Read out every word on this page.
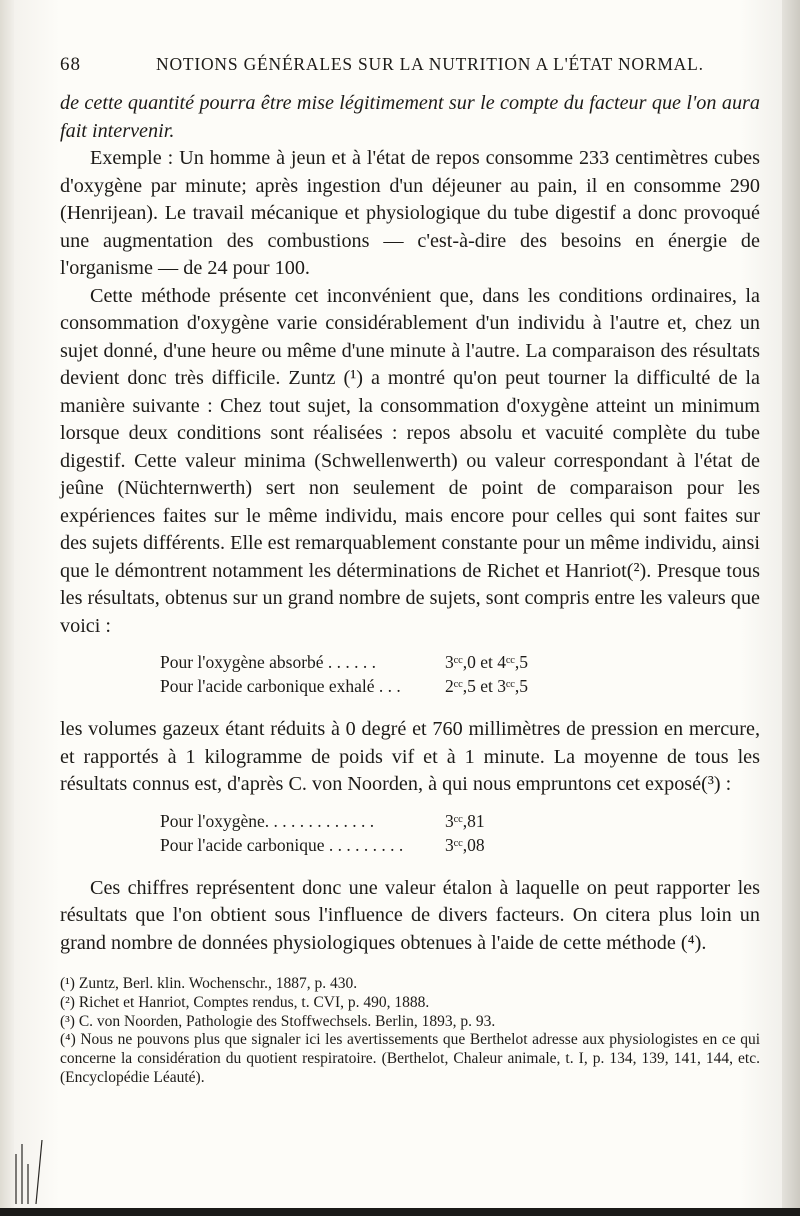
68	NOTIONS GÉNÉRALES SUR LA NUTRITION A L'ÉTAT NORMAL.

de cette quantité pourra être mise légitimement sur le compte du facteur que l'on aura fait intervenir.

Exemple : Un homme à jeun et à l'état de repos consomme 233 centimètres cubes d'oxygène par minute; après ingestion d'un déjeuner au pain, il en consomme 290 (Henrijean). Le travail mécanique et physiologique du tube digestif a donc provoqué une augmentation des combustions — c'est-à-dire des besoins en énergie de l'organisme — de 24 pour 100.

Cette méthode présente cet inconvénient que, dans les conditions ordinaires, la consommation d'oxygène varie considérablement d'un individu à l'autre et, chez un sujet donné, d'une heure ou même d'une minute à l'autre. La comparaison des résultats devient donc très difficile. Zuntz (¹) a montré qu'on peut tourner la difficulté de la manière suivante : Chez tout sujet, la consommation d'oxygène atteint un minimum lorsque deux conditions sont réalisées : repos absolu et vacuité complète du tube digestif. Cette valeur minima (Schwellenwerth) ou valeur correspondant à l'état de jeûne (Nüchternwerth) sert non seulement de point de comparaison pour les expériences faites sur le même individu, mais encore pour celles qui sont faites sur des sujets différents. Elle est remarquablement constante pour un même individu, ainsi que le démontrent notamment les déterminations de Richet et Hanriot(²). Presque tous les résultats, obtenus sur un grand nombre de sujets, sont compris entre les valeurs que voici :

Pour l'oxygène absorbé . . . . . .	3ᶜᶜ,0 et 4ᶜᶜ,5
Pour l'acide carbonique exhalé . . .	2ᶜᶜ,5 et 3ᶜᶜ,5

les volumes gazeux étant réduits à 0 degré et 760 millimètres de pression en mercure, et rapportés à 1 kilogramme de poids vif et à 1 minute. La moyenne de tous les résultats connus est, d'après C. von Noorden, à qui nous empruntons cet exposé(³) :

Pour l'oxygène. . . . . . . . . . . . .	3ᶜᶜ,81
Pour l'acide carbonique . . . . . . . . .	3ᶜᶜ,08

Ces chiffres représentent donc une valeur étalon à laquelle on peut rapporter les résultats que l'on obtient sous l'influence de divers facteurs. On citera plus loin un grand nombre de données physiologiques obtenues à l'aide de cette méthode (⁴).

(¹) Zuntz, Berl. klin. Wochenschr., 1887, p. 430.

(²) Richet et Hanriot, Comptes rendus, t. CVI, p. 490, 1888.

(³) C. von Noorden, Pathologie des Stoffwechsels. Berlin, 1893, p. 93.

(⁴) Nous ne pouvons plus que signaler ici les avertissements que Berthelot adresse aux physiologistes en ce qui concerne la considération du quotient respiratoire. (Berthelot, Chaleur animale, t. I, p. 134, 139, 141, 144, etc. (Encyclopédie Léauté).
